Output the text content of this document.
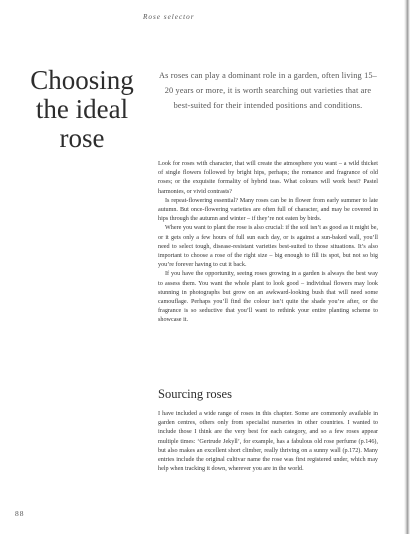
Rose selector
Choosing
the ideal
rose

As roses can play a dominant role in a garden, often living 15–20 years or more, it is worth searching out varieties that are best-suited for their intended positions and conditions.

Look for roses with character, that will create the atmosphere you want – a wild thicket of single flowers followed by bright hips, perhaps; the romance and fragrance of old roses; or the exquisite formality of hybrid teas. What colours will work best? Pastel harmonies, or vivid contrasts?

Is repeat-flowering essential? Many roses can be in flower from early summer to late autumn. But once-flowering varieties are often full of character, and may be covered in hips through the autumn and winter – if they’re not eaten by birds.

Where you want to plant the rose is also crucial: if the soil isn’t as good as it might be, or it gets only a few hours of full sun each day, or is against a sun-baked wall, you’ll need to select tough, disease-resistant varieties best-suited to those situations. It’s also important to choose a rose of the right size – big enough to fill its spot, but not so big you’re forever having to cut it back.

If you have the opportunity, seeing roses growing in a garden is always the best way to assess them. You want the whole plant to look good – individual flowers may look stunning in photographs but grow on an awkward-looking bush that will need some camouflage. Perhaps you’ll find the colour isn’t quite the shade you’re after, or the fragrance is so seductive that you’ll want to rethink your entire planting scheme to showcase it.

Sourcing roses

I have included a wide range of roses in this chapter. Some are commonly available in garden centres, others only from specialist nurseries in other countries. I wanted to include those I think are the very best for each category, and so a few roses appear multiple times: ‘Gertrude Jekyll’, for example, has a fabulous old rose perfume (p.146), but also makes an excellent short climber, really thriving on a sunny wall (p.172). Many entries include the original cultivar name the rose was first registered under, which may help when tracking it down, wherever you are in the world.

88
